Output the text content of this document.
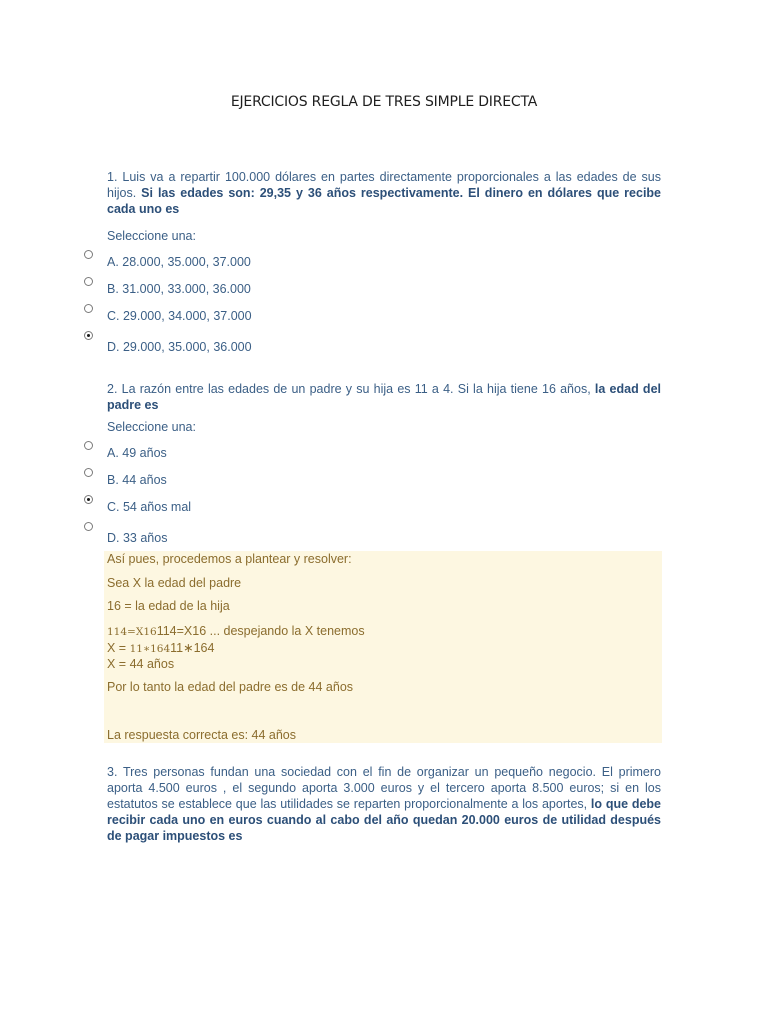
EJERCICIOS REGLA DE TRES SIMPLE DIRECTA
1. Luis va a repartir 100.000 dólares en partes directamente proporcionales a las edades de sus hijos. Si las edades son: 29,35 y 36 años respectivamente. El dinero en dólares que recibe cada uno es
Seleccione una:
A. 28.000, 35.000, 37.000
B. 31.000, 33.000, 36.000
C. 29.000, 34.000, 37.000
D. 29.000, 35.000, 36.000
2. La razón entre las edades de un padre y su hija es 11 a 4. Si la hija tiene 16 años, la edad del padre es
Seleccione una:
A. 49 años
B. 44 años
C. 54 años mal
D. 33 años
Así pues, procedemos a plantear y resolver:
Sea X la edad del padre
16 = la edad de la hija
114=X16114=X16 ... despejando la X tenemos
X = 11∗16411∗164
X = 44 años
Por lo tanto la edad del padre es de 44 años
La respuesta correcta es: 44 años
3. Tres personas fundan una sociedad con el fin de organizar un pequeño negocio. El primero aporta 4.500 euros , el segundo aporta 3.000 euros y el tercero aporta 8.500 euros; si en los estatutos se establece que las utilidades se reparten proporcionalmente a los aportes, lo que debe recibir cada uno en euros cuando al cabo del año quedan 20.000 euros de utilidad después de pagar impuestos es
